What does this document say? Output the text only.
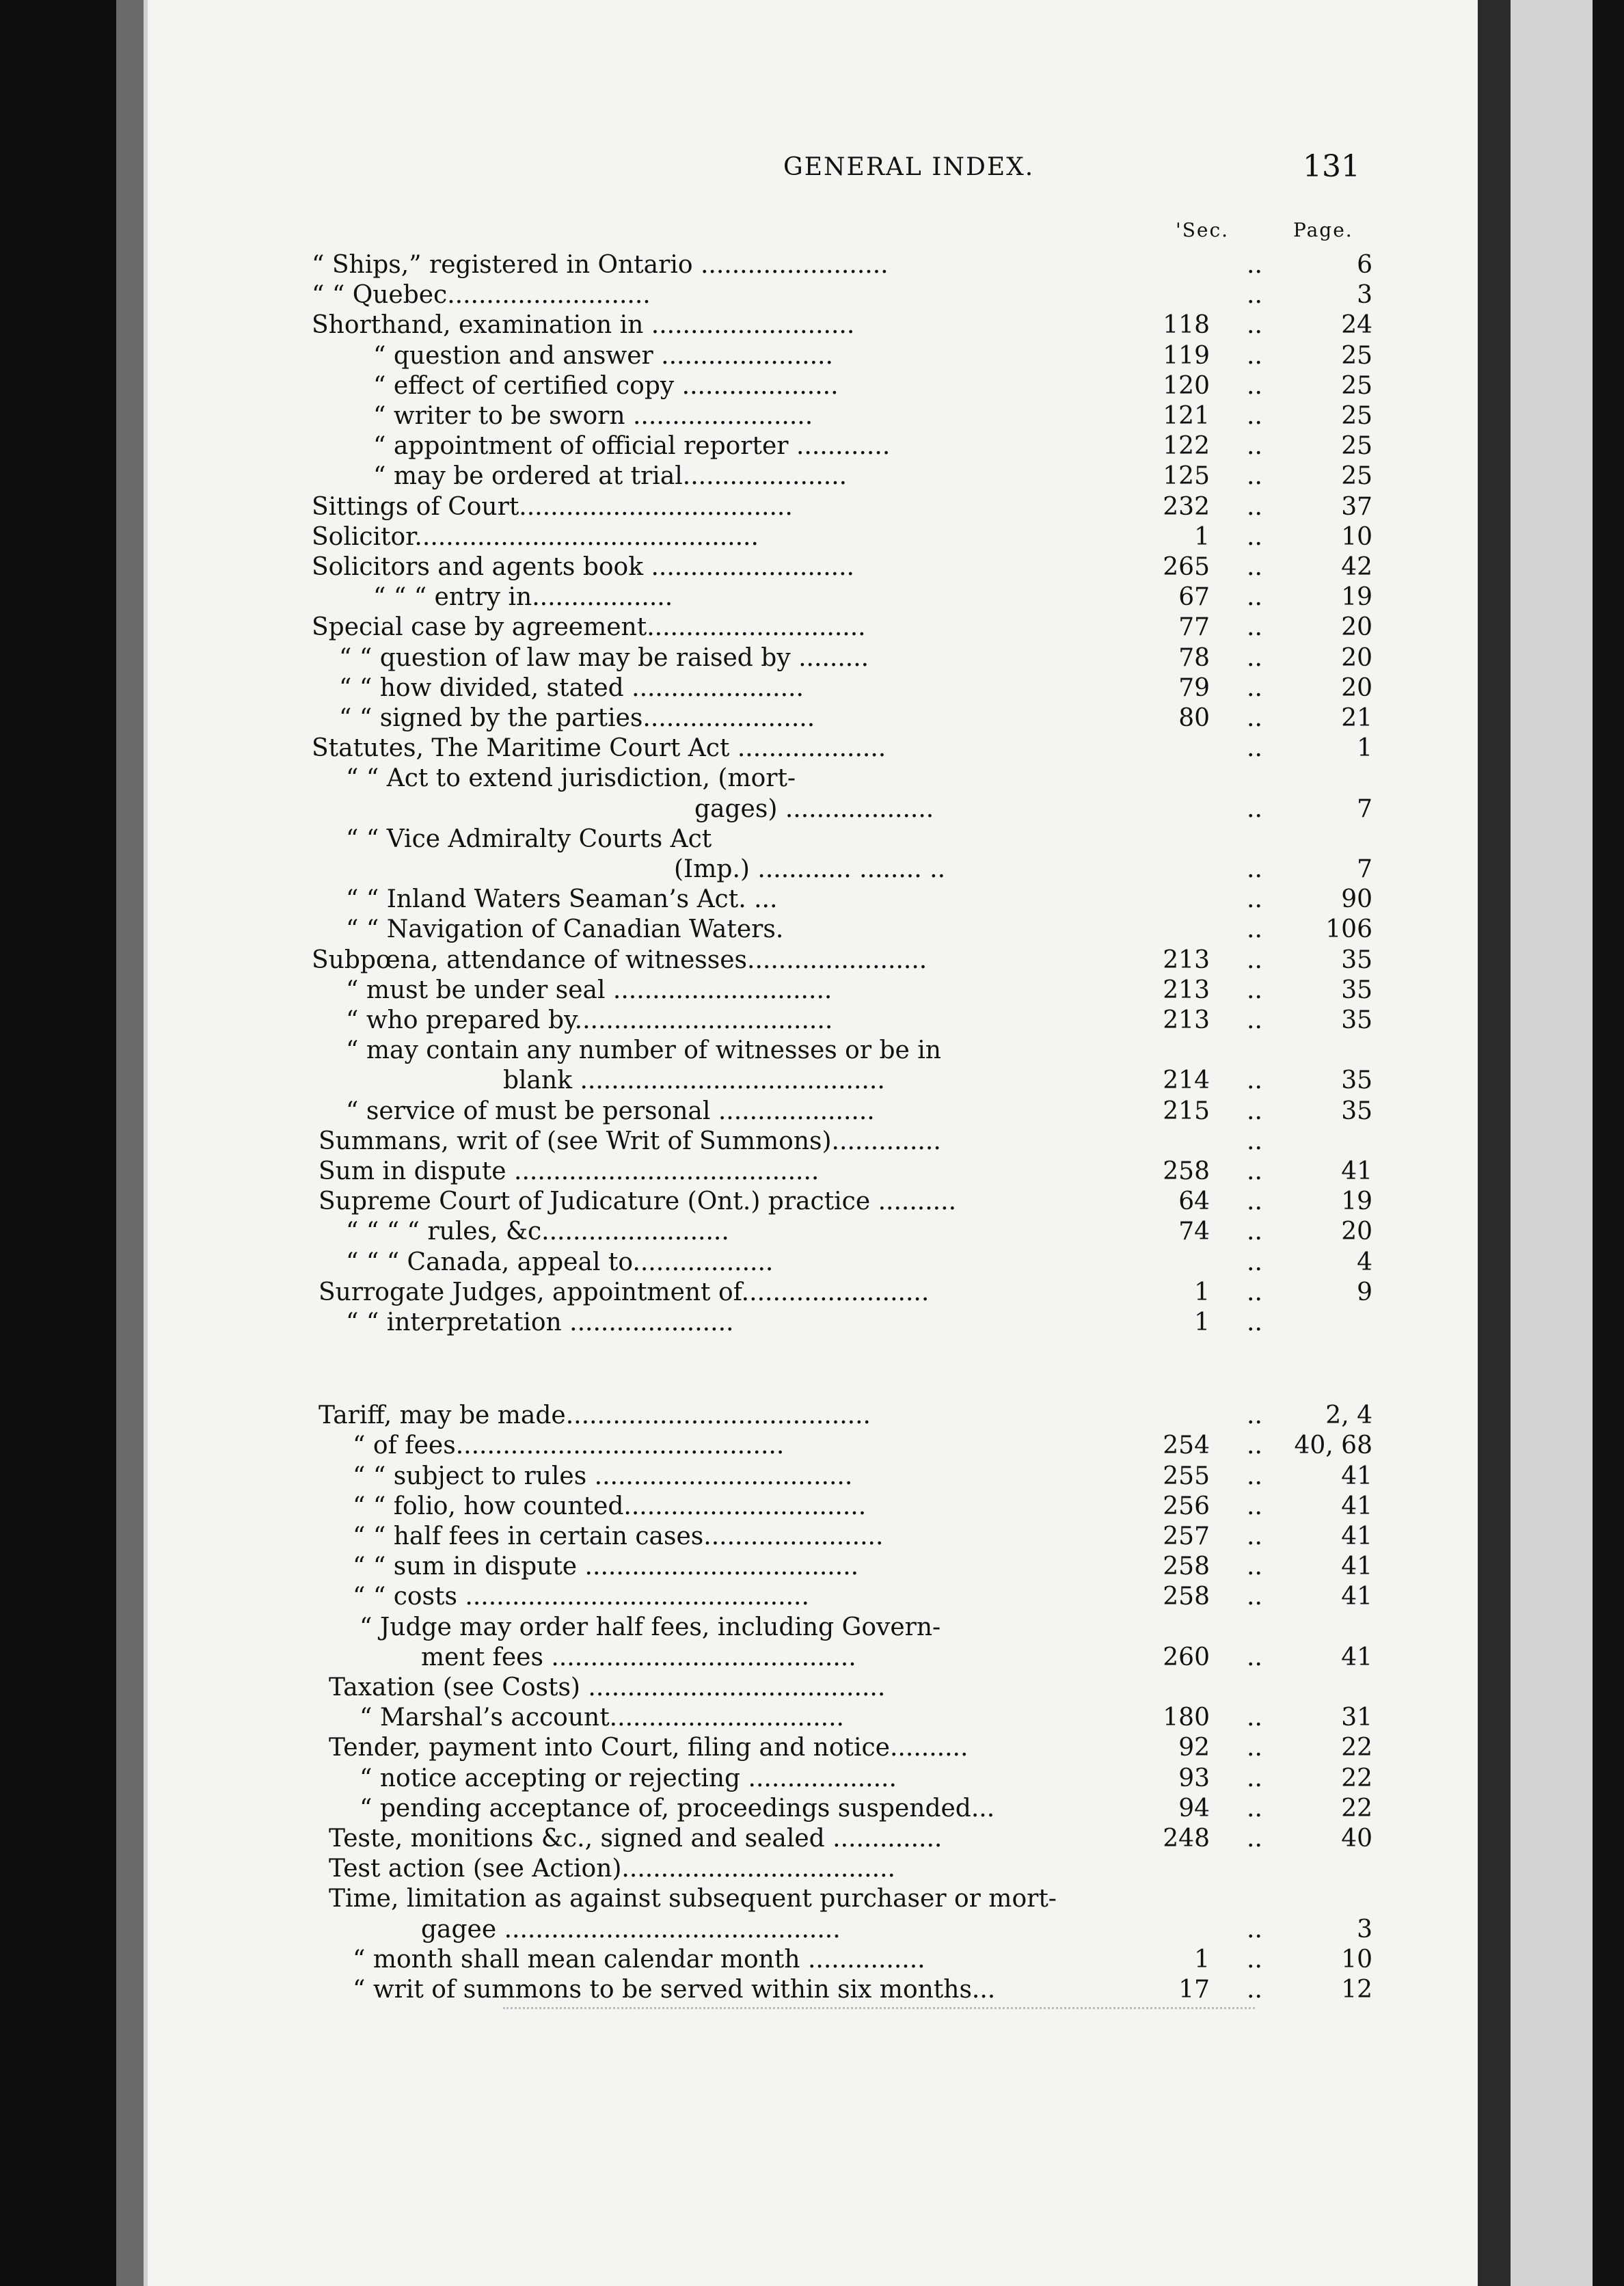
GENERAL INDEX.	131
'Sec.	Page.
“ Ships,” registered in Ontario ........................	..	6
“ “ Quebec..........................	..	3
Shorthand, examination in ..........................	118 ..	24
“ question and answer ......................	119 ..	25
“ effect of certified copy ....................	120 ..	25
“ writer to be sworn .......................	121 ..	25
“ appointment of official reporter ............	122 ..	25
“ may be ordered at trial.....................	125 ..	25
Sittings of Court...................................	232 ..	37
Solicitor............................................	1 ..	10
Solicitors and agents book ..........................	265 ..	42
“ “ “ entry in..................	67 ..	19
Special case by agreement............................	77 ..	20
“ “ question of law may be raised by .........	78 ..	20
“ “ how divided, stated ......................	79 ..	20
“ “ signed by the parties......................	80 ..	21
Statutes, The Maritime Court Act ...................	..	1
“ “ Act to extend jurisdiction, (mort-
gages) ...................	..	7
“ “ Vice Admiralty Courts Act
(Imp.) ............ ........ ..	..	7
“ “ Inland Waters Seaman’s Act. ...	..	90
“ “ Navigation of Canadian Waters.	..	106
Subpœna, attendance of witnesses.......................	213 ..	35
“ must be under seal ............................	213 ..	35
“ who prepared by.................................	213 ..	35
“ may contain any number of witnesses or be in
blank .......................................	214 ..	35
“ service of must be personal ....................	215 ..	35
Summans, writ of (see Writ of Summons)..............	..
Sum in dispute .......................................	258 ..	41
Supreme Court of Judicature (Ont.) practice ..........	64 ..	19
“ “ “ “ rules, &c........................	74 ..	20
“ “ “ Canada, appeal to..................	..	4
Surrogate Judges, appointment of........................	1 ..	9
“ “ interpretation .....................	1 ..
Tariff, may be made.......................................	..	2, 4
“ of fees..........................................	254 ..	40, 68
“ “ subject to rules .................................	255 ..	41
“ “ folio, how counted...............................	256 ..	41
“ “ half fees in certain cases.......................	257 ..	41
“ “ sum in dispute ...................................	258 ..	41
“ “ costs ............................................	258 ..	41
“ Judge may order half fees, including Govern-
ment fees .......................................	260 ..	41
Taxation (see Costs) ......................................
“ Marshal’s account..............................	180 ..	31
Tender, payment into Court, filing and notice..........	92 ..	22
“ notice accepting or rejecting ...................	93 ..	22
“ pending acceptance of, proceedings suspended...	94 ..	22
Teste, monitions &c., signed and sealed ..............	248 ..	40
Test action (see Action)...................................
Time, limitation as against subsequent purchaser or mort-
gagee ...........................................	..	3
“ month shall mean calendar month ...............	1 ..	10
“ writ of summons to be served within six months...	17 ..	12
